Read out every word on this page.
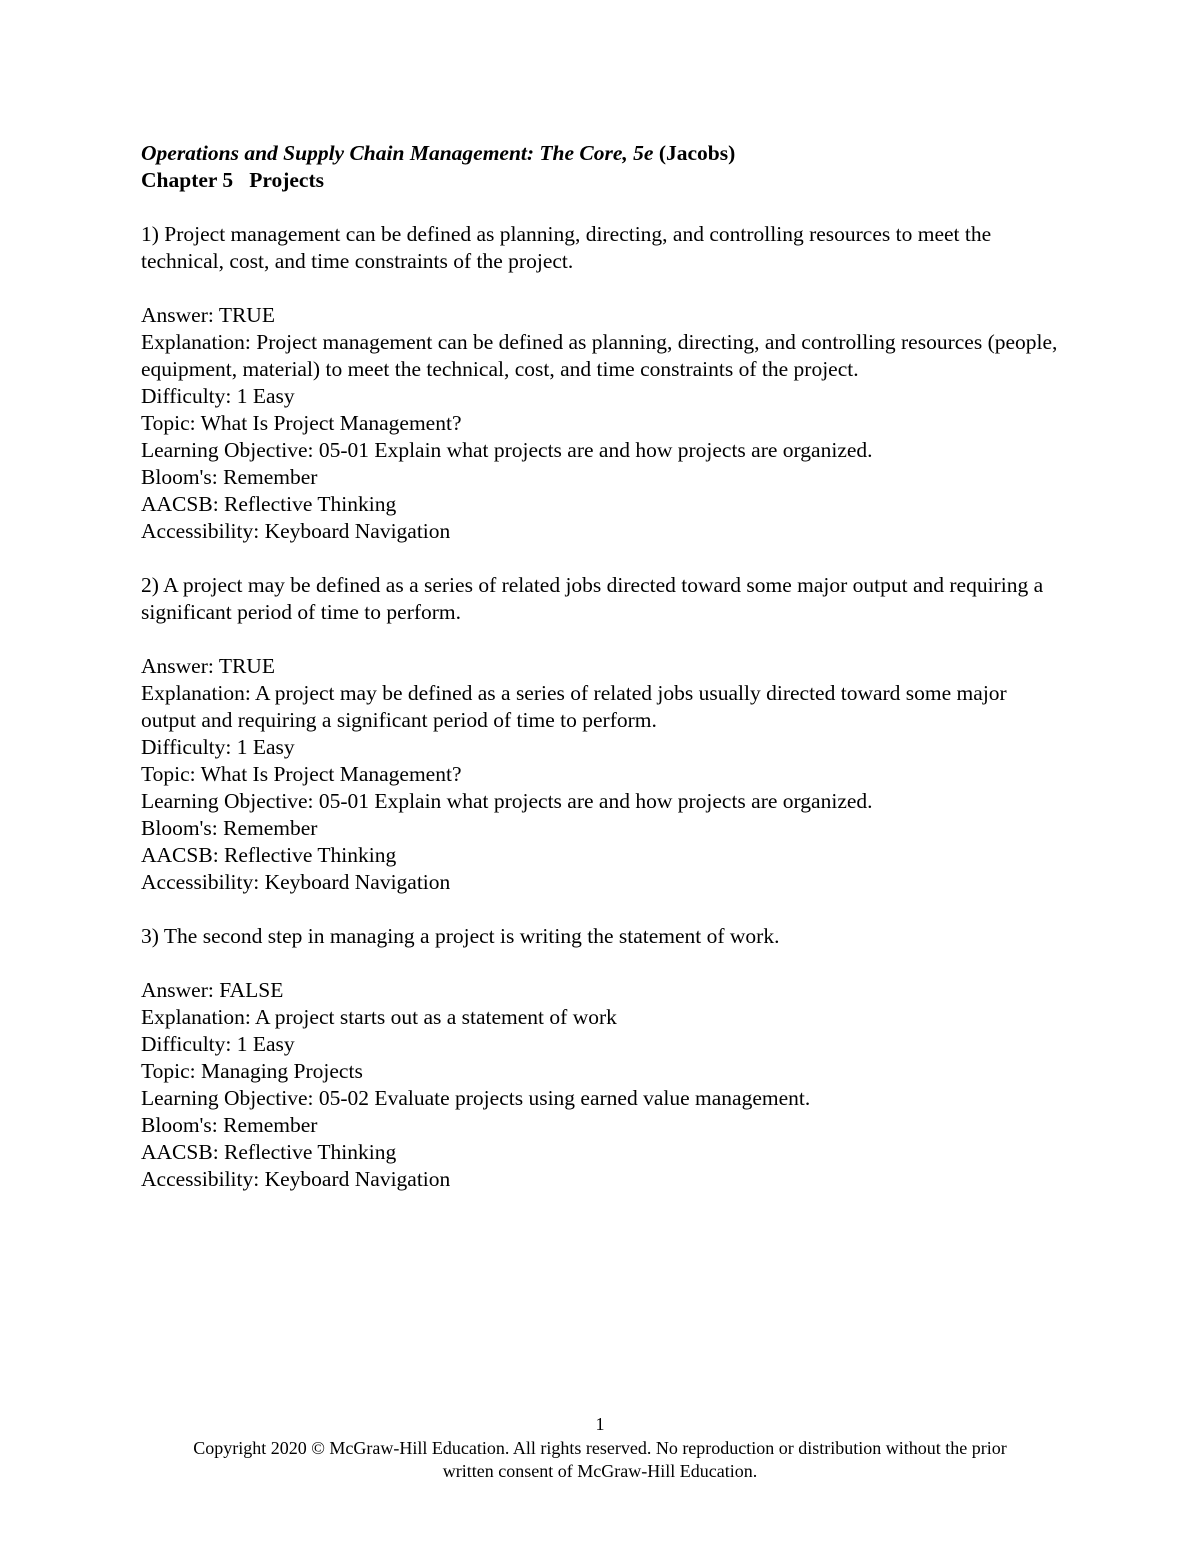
Operations and Supply Chain Management: The Core, 5e (Jacobs)

Chapter 5 Projects

1) Project management can be defined as planning, directing, and controlling resources to meet the technical, cost, and time constraints of the project.

Answer: TRUE

Explanation: Project management can be defined as planning, directing, and controlling resources (people, equipment, material) to meet the technical, cost, and time constraints of the project.

Difficulty: 1 Easy

Topic: What Is Project Management?

Learning Objective: 05-01 Explain what projects are and how projects are organized.

Bloom's: Remember

AACSB: Reflective Thinking

Accessibility: Keyboard Navigation

2) A project may be defined as a series of related jobs directed toward some major output and requiring a significant period of time to perform.

Answer: TRUE

Explanation: A project may be defined as a series of related jobs usually directed toward some major output and requiring a significant period of time to perform.

Difficulty: 1 Easy

Topic: What Is Project Management?

Learning Objective: 05-01 Explain what projects are and how projects are organized.

Bloom's: Remember

AACSB: Reflective Thinking

Accessibility: Keyboard Navigation

3) The second step in managing a project is writing the statement of work.

Answer: FALSE

Explanation: A project starts out as a statement of work

Difficulty: 1 Easy

Topic: Managing Projects

Learning Objective: 05-02 Evaluate projects using earned value management.

Bloom's: Remember

AACSB: Reflective Thinking

Accessibility: Keyboard Navigation

1

Copyright 2020 © McGraw-Hill Education. All rights reserved. No reproduction or distribution without the prior

written consent of McGraw-Hill Education.
